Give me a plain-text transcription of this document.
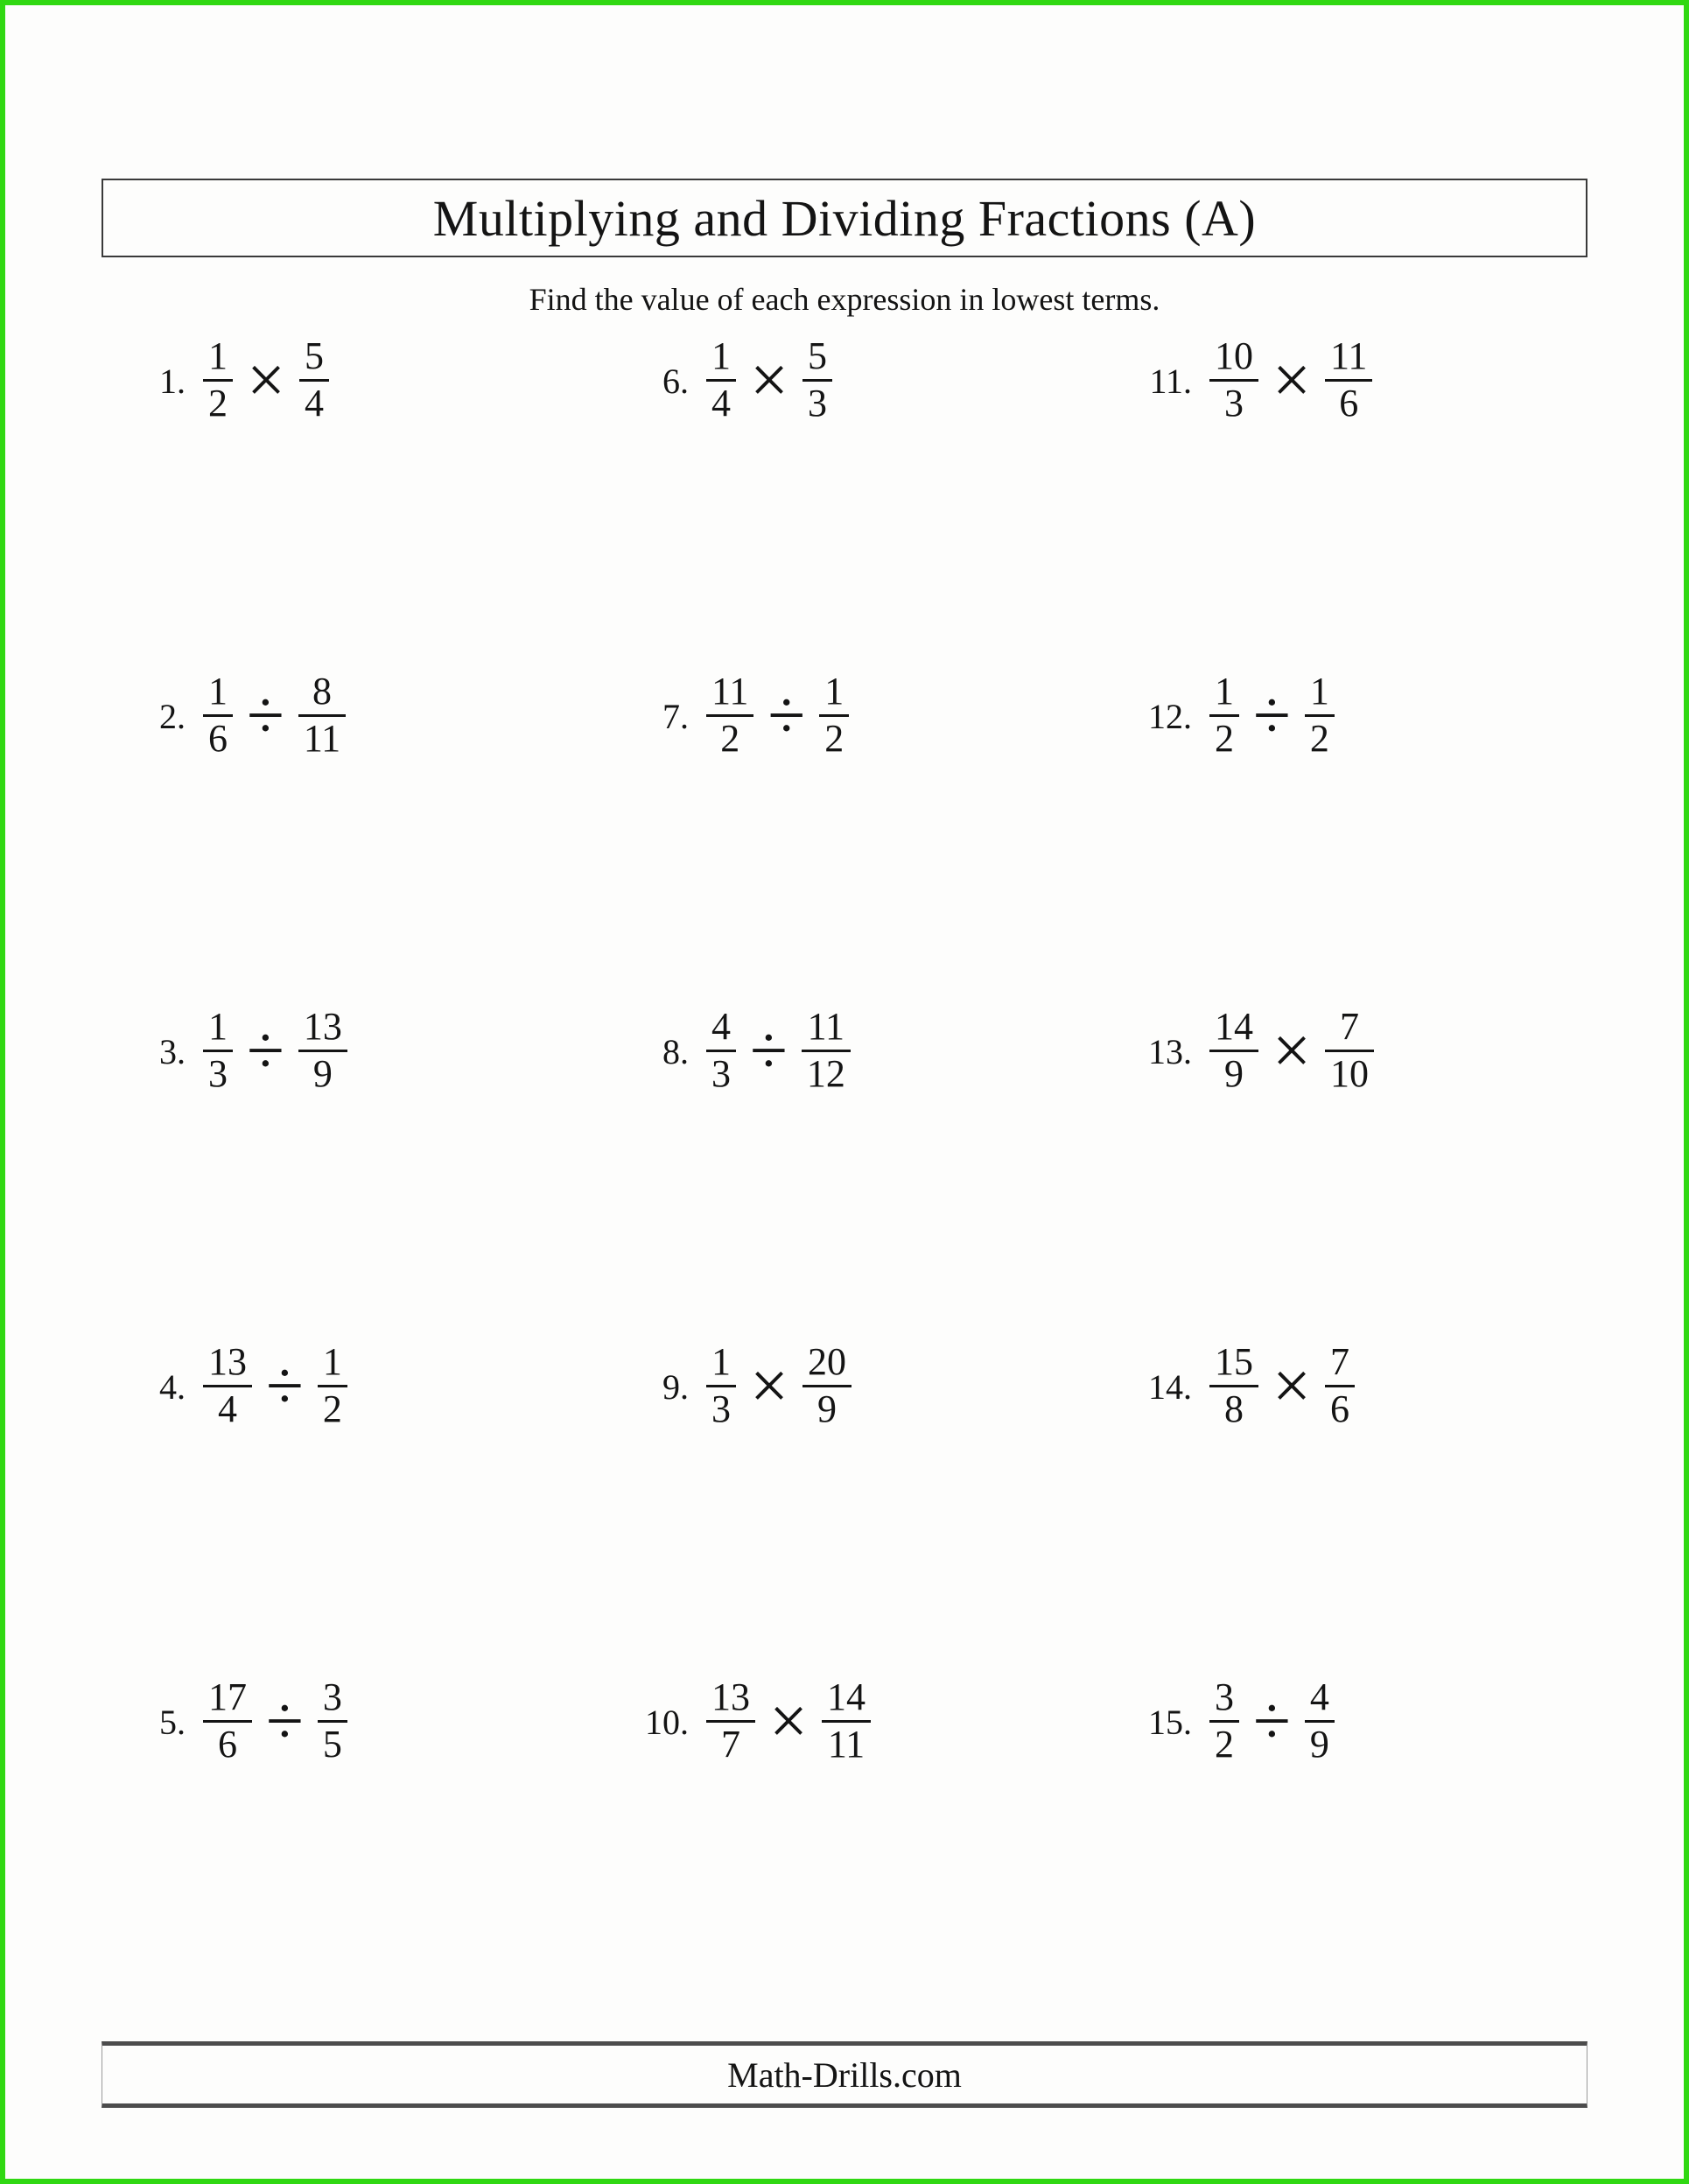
Multiplying and Dividing Fractions (A)
Find the value of each expression in lowest terms.
1. $\frac{1}{2} \times \frac{5}{4}$	6. $\frac{1}{4} \times \frac{5}{3}$	11. $\frac{10}{3} \times \frac{11}{6}$
2. $\frac{1}{6} \div \frac{8}{11}$	7. $\frac{11}{2} \div \frac{1}{2}$	12. $\frac{1}{2} \div \frac{1}{2}$
3. $\frac{1}{3} \div \frac{13}{9}$	8. $\frac{4}{3} \div \frac{11}{12}$	13. $\frac{14}{9} \times \frac{7}{10}$
4. $\frac{13}{4} \div \frac{1}{2}$	9. $\frac{1}{3} \times \frac{20}{9}$	14. $\frac{15}{8} \times \frac{7}{6}$
5. $\frac{17}{6} \div \frac{3}{5}$	10. $\frac{13}{7} \times \frac{14}{11}$	15. $\frac{3}{2} \div \frac{4}{9}$
Math-Drills.com
